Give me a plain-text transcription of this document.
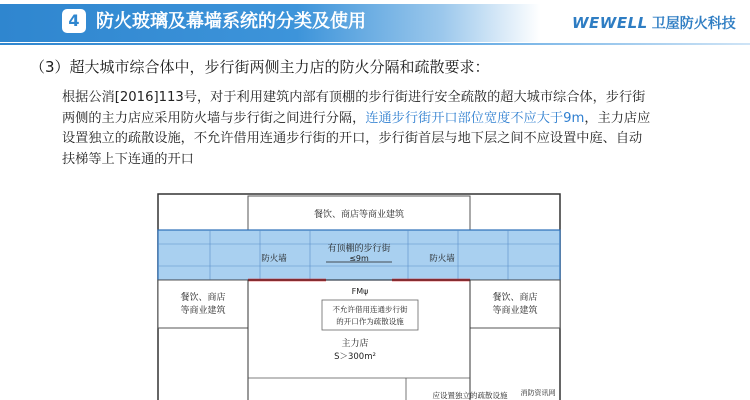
4 防火玻璃及幕墙系统的分类及使用	WEWELL 卫屋防火科技
（3）超大城市综合体中，步行街两侧主力店的防火分隔和疏散要求：
根据公消[2016]113号，对于利用建筑内部有顶棚的步行街进行安全疏散的超大城市综合体，步行街两侧的主力店应采用防火墙与步行街之间进行分隔，连通步行街开口部位宽度不应大于9m，主力店应设置独立的疏散设施，不允许借用连通步行街的开口，步行街首层与地下层之间不应设置中庭、自动扶梯等上下连通的开口
餐饮、商店等商业建筑
有顶棚的步行街
≤9m
防火墙	防火墙
餐饮、商店
等商业建筑
餐饮、商店
等商业建筑
FMψ
不允许借用连通步行街
的开口作为疏散设施
主力店
S＞300m²
应设置独立的疏散设施 消防资讯网
